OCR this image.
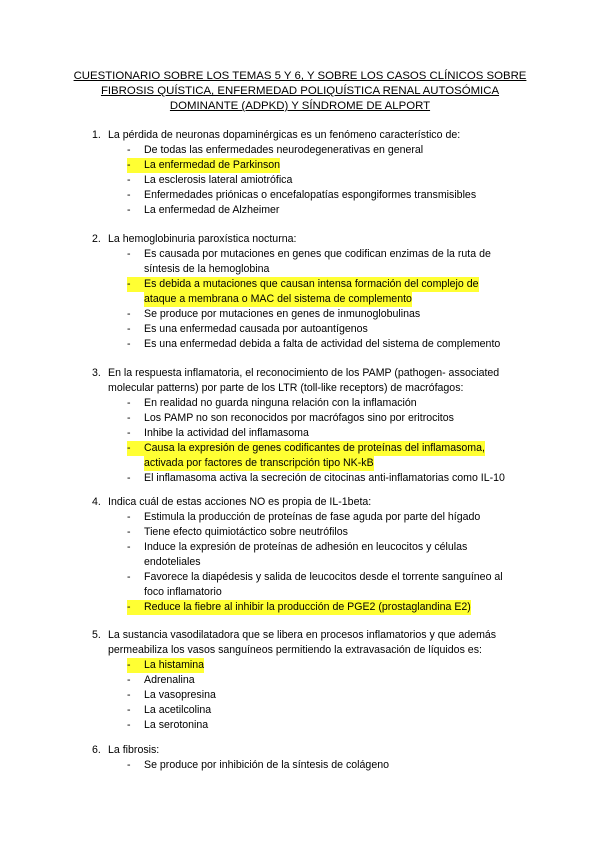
CUESTIONARIO SOBRE LOS TEMAS 5 Y 6, Y SOBRE LOS CASOS CLÍNICOS SOBRE
FIBROSIS QUÍSTICA, ENFERMEDAD POLIQUÍSTICA RENAL AUTOSÓMICA
DOMINANTE (ADPKD) Y SÍNDROME DE ALPORT
1. La pérdida de neuronas dopaminérgicas es un fenómeno característico de:
- De todas las enfermedades neurodegenerativas en general
-	La enfermedad de Parkinson
- La esclerosis lateral amiotrófica
- Enfermedades priónicas o encefalopatías espongiformes transmisibles
- La enfermedad de Alzheimer
2. La hemoglobinuria paroxística nocturna:
- Es causada por mutaciones en genes que codifican enzimas de la ruta de
síntesis de la hemoglobina
-	Es debida a mutaciones que causan intensa formación del complejo de
ataque a membrana o MAC del sistema de complemento
- Se produce por mutaciones en genes de inmunoglobulinas
- Es una enfermedad causada por autoantígenos
- Es una enfermedad debida a falta de actividad del sistema de complemento
3. En la respuesta inflamatoria, el reconocimiento de los PAMP (pathogen- associated
molecular patterns) por parte de los LTR (toll-like receptors) de macrófagos:
- En realidad no guarda ninguna relación con la inflamación
- Los PAMP no son reconocidos por macrófagos sino por eritrocitos
- Inhibe la actividad del inflamasoma
-	Causa la expresión de genes codificantes de proteínas del inflamasoma,
activada por factores de transcripción tipo NK-kB
- El inflamasoma activa la secreción de citocinas anti-inflamatorias como IL-10
4. Indica cuál de estas acciones NO es propia de IL-1beta:
- Estimula la producción de proteínas de fase aguda por parte del hígado
- Tiene efecto quimiotáctico sobre neutrófilos
- Induce la expresión de proteínas de adhesión en leucocitos y células
endoteliales
- Favorece la diapédesis y salida de leucocitos desde el torrente sanguíneo al
foco inflamatorio
-	Reduce la fiebre al inhibir la producción de PGE2 (prostaglandina E2)
5. La sustancia vasodilatadora que se libera en procesos inflamatorios y que además
permeabiliza los vasos sanguíneos permitiendo la extravasación de líquidos es:
-	La histamina
- Adrenalina
- La vasopresina
- La acetilcolina
- La serotonina
6. La fibrosis:
- Se produce por inhibición de la síntesis de colágeno
